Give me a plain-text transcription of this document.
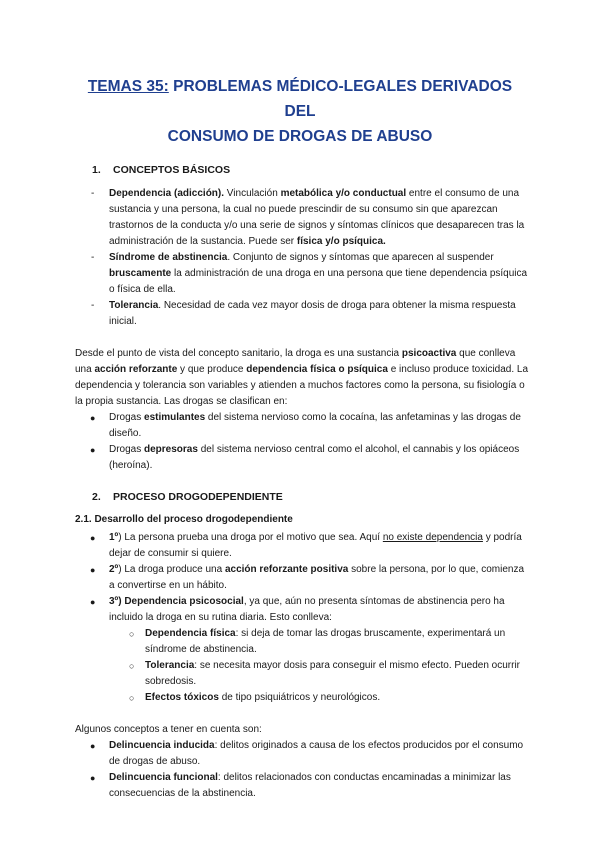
TEMAS 35: PROBLEMAS MÉDICO-LEGALES DERIVADOS DEL
CONSUMO DE DROGAS DE ABUSO

1. CONCEPTOS BÁSICOS

- Dependencia (adicción). Vinculación metabólica y/o conductual entre el consumo de una sustancia y una persona, la cual no puede prescindir de su consumo sin que aparezcan trastornos de la conducta y/o una serie de signos y síntomas clínicos que desaparecen tras la administración de la sustancia. Puede ser física y/o psíquica.
- Síndrome de abstinencia. Conjunto de signos y síntomas que aparecen al suspender bruscamente la administración de una droga en una persona que tiene dependencia psíquica o física de ella.
- Tolerancia. Necesidad de cada vez mayor dosis de droga para obtener la misma respuesta inicial.

Desde el punto de vista del concepto sanitario, la droga es una sustancia psicoactiva que conlleva una acción reforzante y que produce dependencia física o psíquica e incluso produce toxicidad. La dependencia y tolerancia son variables y atienden a muchos factores como la persona, su fisiología o la propia sustancia. Las drogas se clasifican en:

● Drogas estimulantes del sistema nervioso como la cocaína, las anfetaminas y las drogas de diseño.
● Drogas depresoras del sistema nervioso central como el alcohol, el cannabis y los opiáceos (heroína).

2. PROCESO DROGODEPENDIENTE

2.1. Desarrollo del proceso drogodependiente

● 1º) La persona prueba una droga por el motivo que sea. Aquí no existe dependencia y podría dejar de consumir si quiere.
● 2º) La droga produce una acción reforzante positiva sobre la persona, por lo que, comienza a convertirse en un hábito.
● 3º) Dependencia psicosocial, ya que, aún no presenta síntomas de abstinencia pero ha incluido la droga en su rutina diaria. Esto conlleva:
○ Dependencia física: si deja de tomar las drogas bruscamente, experimentará un síndrome de abstinencia.
○ Tolerancia: se necesita mayor dosis para conseguir el mismo efecto. Pueden ocurrir sobredosis.
○ Efectos tóxicos de tipo psiquiátricos y neurológicos.

Algunos conceptos a tener en cuenta son:

● Delincuencia inducida: delitos originados a causa de los efectos producidos por el consumo de drogas de abuso.
● Delincuencia funcional: delitos relacionados con conductas encaminadas a minimizar las consecuencias de la abstinencia.
